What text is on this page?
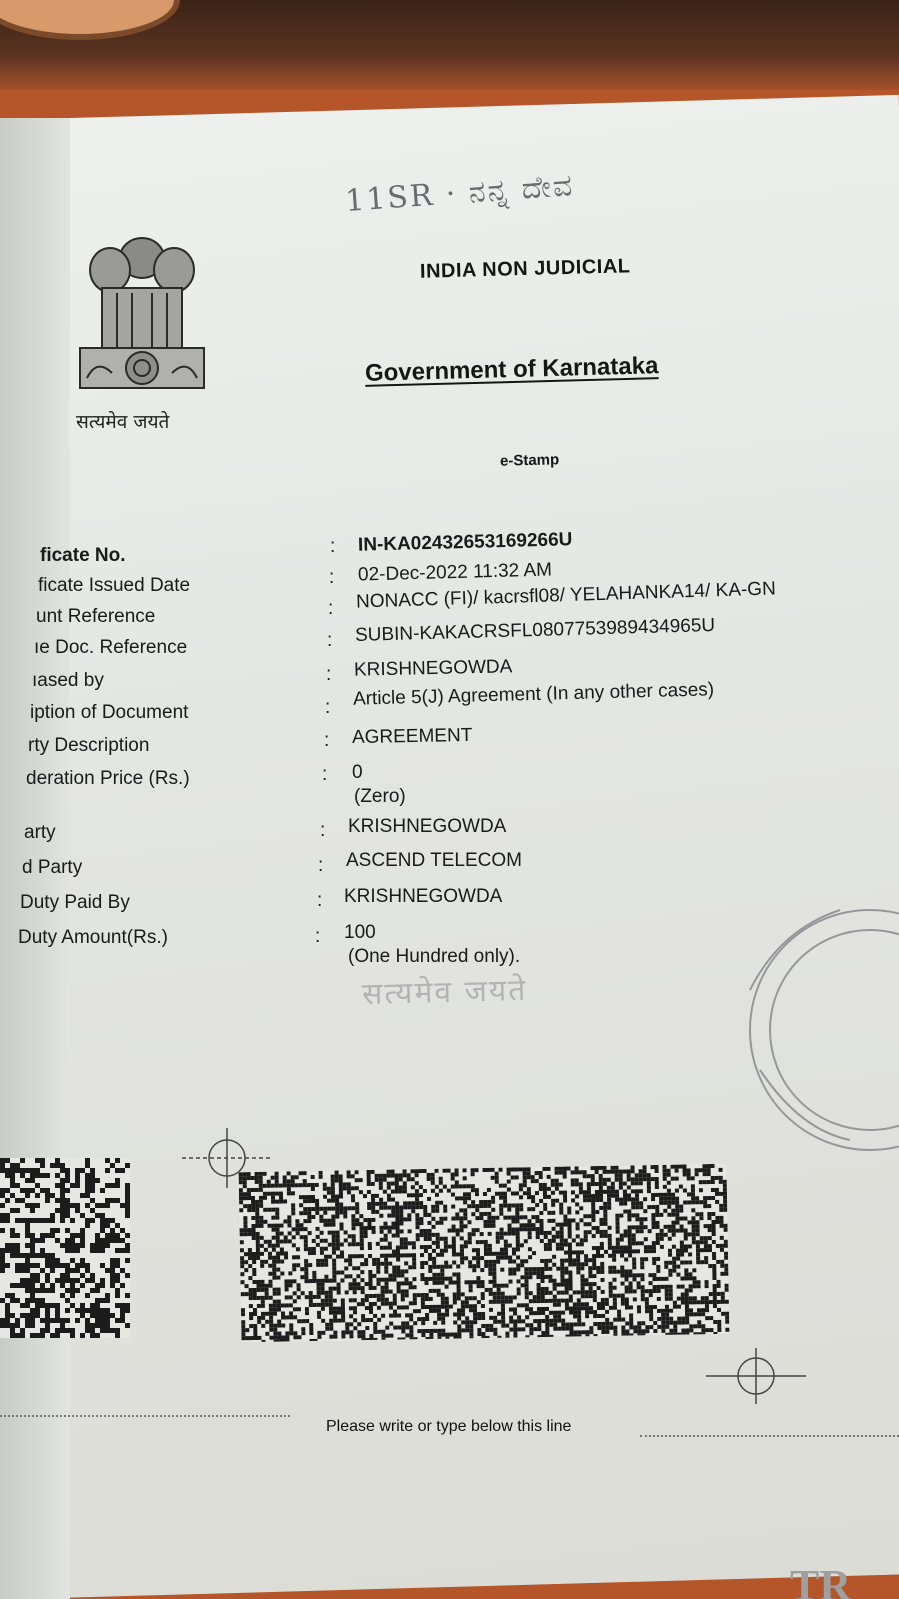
11SR · ನನ್ನ ದೇವ
सत्यमेव जयते
INDIA NON JUDICIAL
Government of Karnataka
e-Stamp
ficate No.	: IN-KA02432653169266U
ficate Issued Date	: 02-Dec-2022 11:32 AM
unt Reference	: NONACC (FI)/ kacrsfl08/ YELAHANKA14/ KA-GN
ıe Doc. Reference	: SUBIN-KAKACRSFL0807753989434965U
ıased by	: KRISHNEGOWDA
iption of Document	: Article 5(J) Agreement (In any other cases)
rty Description	: AGREEMENT
deration Price (Rs.)	: 0
(Zero)
arty	: KRISHNEGOWDA
d Party	: ASCEND TELECOM
Duty Paid By	: KRISHNEGOWDA
Duty Amount(Rs.)	: 100
(One Hundred only).
सत्यमेव जयते
Please write or type below this line
TR
